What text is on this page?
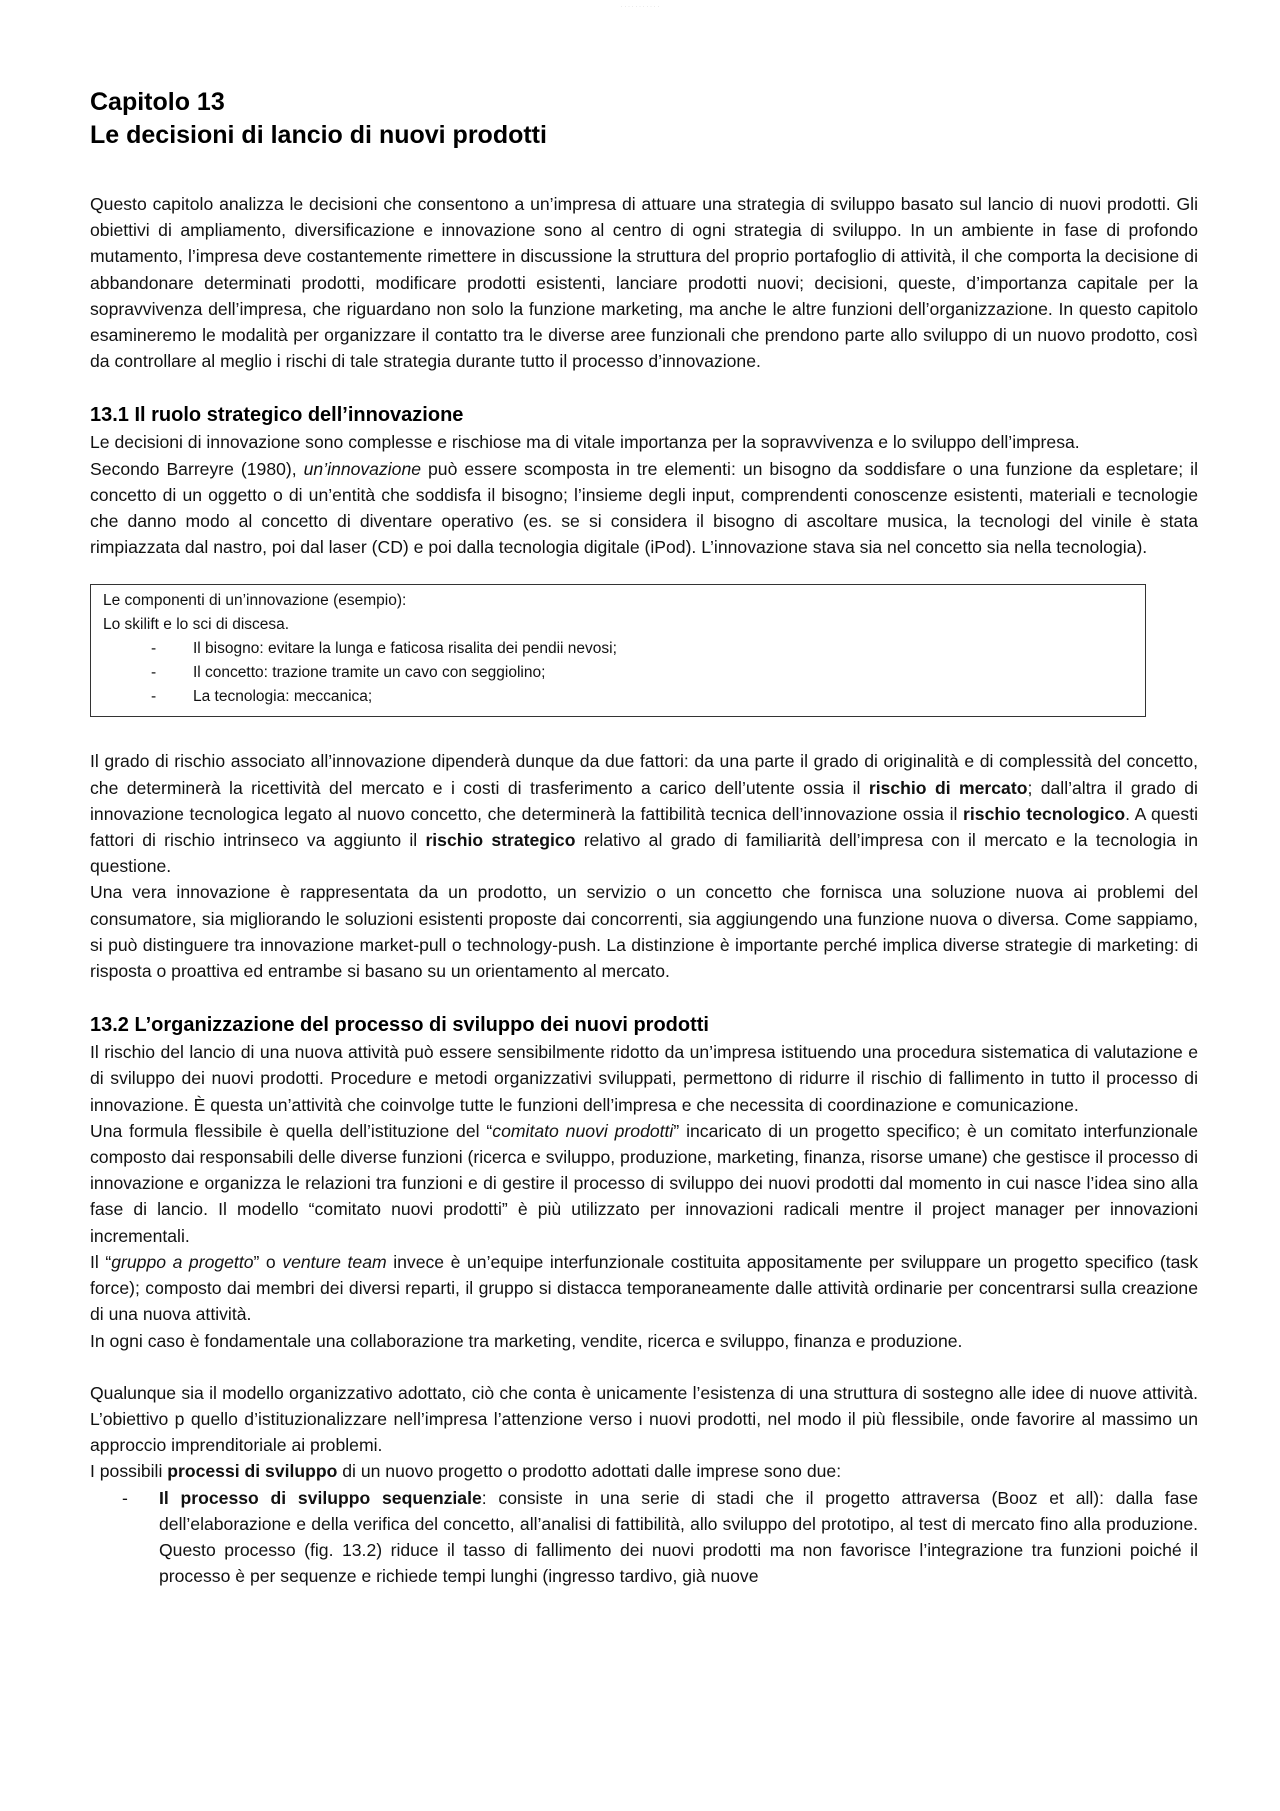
· · · · · · · · · · ·
Capitolo 13
Le decisioni di lancio di nuovi prodotti

Questo capitolo analizza le decisioni che consentono a un’impresa di attuare una strategia di sviluppo basato sul lancio di nuovi prodotti. Gli obiettivi di ampliamento, diversificazione e innovazione sono al centro di ogni strategia di sviluppo. In un ambiente in fase di profondo mutamento, l’impresa deve costantemente rimettere in discussione la struttura del proprio portafoglio di attività, il che comporta la decisione di abbandonare determinati prodotti, modificare prodotti esistenti, lanciare prodotti nuovi; decisioni, queste, d’importanza capitale per la sopravvivenza dell’impresa, che riguardano non solo la funzione marketing, ma anche le altre funzioni dell’organizzazione. In questo capitolo esamineremo le modalità per organizzare il contatto tra le diverse aree funzionali che prendono parte allo sviluppo di un nuovo prodotto, così da controllare al meglio i rischi di tale strategia durante tutto il processo d’innovazione.

13.1 Il ruolo strategico dell’innovazione

Le decisioni di innovazione sono complesse e rischiose ma di vitale importanza per la sopravvivenza e lo sviluppo dell’impresa.

Secondo Barreyre (1980), un’innovazione può essere scomposta in tre elementi: un bisogno da soddisfare o una funzione da espletare; il concetto di un oggetto o di un’entità che soddisfa il bisogno; l’insieme degli input, comprendenti conoscenze esistenti, materiali e tecnologie che danno modo al concetto di diventare operativo (es. se si considera il bisogno di ascoltare musica, la tecnologi del vinile è stata rimpiazzata dal nastro, poi dal laser (CD) e poi dalla tecnologia digitale (iPod). L’innovazione stava sia nel concetto sia nella tecnologia).

Le componenti di un’innovazione (esempio):
Lo skilift e lo sci di discesa.
- Il bisogno: evitare la lunga e faticosa risalita dei pendii nevosi;
- Il concetto: trazione tramite un cavo con seggiolino;
- La tecnologia: meccanica;

Il grado di rischio associato all’innovazione dipenderà dunque da due fattori: da una parte il grado di originalità e di complessità del concetto, che determinerà la ricettività del mercato e i costi di trasferimento a carico dell’utente ossia il rischio di mercato; dall’altra il grado di innovazione tecnologica legato al nuovo concetto, che determinerà la fattibilità tecnica dell’innovazione ossia il rischio tecnologico. A questi fattori di rischio intrinseco va aggiunto il rischio strategico relativo al grado di familiarità dell’impresa con il mercato e la tecnologia in questione.

Una vera innovazione è rappresentata da un prodotto, un servizio o un concetto che fornisca una soluzione nuova ai problemi del consumatore, sia migliorando le soluzioni esistenti proposte dai concorrenti, sia aggiungendo una funzione nuova o diversa. Come sappiamo, si può distinguere tra innovazione market-pull o technology-push. La distinzione è importante perché implica diverse strategie di marketing: di risposta o proattiva ed entrambe si basano su un orientamento al mercato.

13.2 L’organizzazione del processo di sviluppo dei nuovi prodotti

Il rischio del lancio di una nuova attività può essere sensibilmente ridotto da un’impresa istituendo una procedura sistematica di valutazione e di sviluppo dei nuovi prodotti. Procedure e metodi organizzativi sviluppati, permettono di ridurre il rischio di fallimento in tutto il processo di innovazione. È questa un’attività che coinvolge tutte le funzioni dell’impresa e che necessita di coordinazione e comunicazione.

Una formula flessibile è quella dell’istituzione del “comitato nuovi prodotti” incaricato di un progetto specifico; è un comitato interfunzionale composto dai responsabili delle diverse funzioni (ricerca e sviluppo, produzione, marketing, finanza, risorse umane) che gestisce il processo di innovazione e organizza le relazioni tra funzioni e di gestire il processo di sviluppo dei nuovi prodotti dal momento in cui nasce l’idea sino alla fase di lancio. Il modello “comitato nuovi prodotti” è più utilizzato per innovazioni radicali mentre il project manager per innovazioni incrementali.

Il “gruppo a progetto” o venture team invece è un’equipe interfunzionale costituita appositamente per sviluppare un progetto specifico (task force); composto dai membri dei diversi reparti, il gruppo si distacca temporaneamente dalle attività ordinarie per concentrarsi sulla creazione di una nuova attività.

In ogni caso è fondamentale una collaborazione tra marketing, vendite, ricerca e sviluppo, finanza e produzione.

Qualunque sia il modello organizzativo adottato, ciò che conta è unicamente l’esistenza di una struttura di sostegno alle idee di nuove attività. L’obiettivo p quello d’istituzionalizzare nell’impresa l’attenzione verso i nuovi prodotti, nel modo il più flessibile, onde favorire al massimo un approccio imprenditoriale ai problemi.

I possibili processi di sviluppo di un nuovo progetto o prodotto adottati dalle imprese sono due:

- Il processo di sviluppo sequenziale: consiste in una serie di stadi che il progetto attraversa (Booz et all): dalla fase dell’elaborazione e della verifica del concetto, all’analisi di fattibilità, allo sviluppo del prototipo, al test di mercato fino alla produzione. Questo processo (fig. 13.2) riduce il tasso di fallimento dei nuovi prodotti ma non favorisce l’integrazione tra funzioni poiché il processo è per sequenze e richiede tempi lunghi (ingresso tardivo, già nuove
